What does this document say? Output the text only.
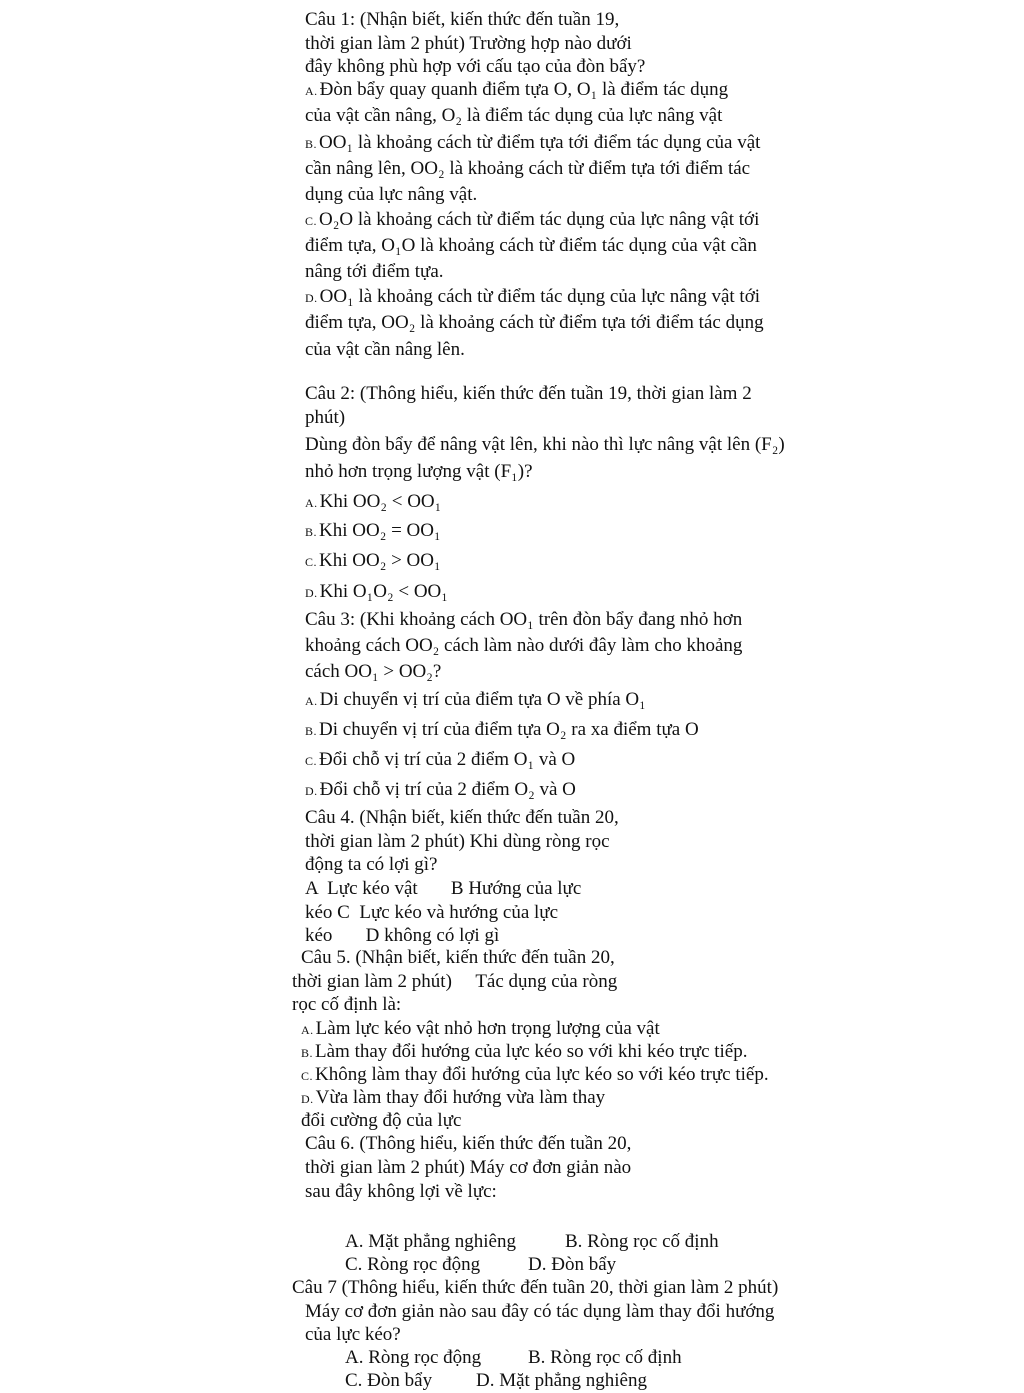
Câu 1: (Nhận biết, kiến thức đến tuần 19,
thời gian làm 2 phút) Trường hợp nào dưới
đây không phù hợp với cấu tạo của đòn bẩy?
A. Đòn bẩy quay quanh điểm tựa O, O₁ là điểm tác dụng
của vật cần nâng, O₂ là điểm tác dụng của lực nâng vật
B. OO₁ là khoảng cách từ điểm tựa tới điểm tác dụng của vật
cần nâng lên, OO₂ là khoảng cách từ điểm tựa tới điểm tác
dụng của lực nâng vật.
C. O₂O là khoảng cách từ điểm tác dụng của lực nâng vật tới
điểm tựa, O₁O là khoảng cách từ điểm tác dụng của vật cần
nâng tới điểm tựa.
D. OO₁ là khoảng cách từ điểm tác dụng của lực nâng vật tới
điểm tựa, OO₂ là khoảng cách từ điểm tựa tới điểm tác dụng
của vật cần nâng lên.
Câu 2: (Thông hiểu, kiến thức đến tuần 19, thời gian làm 2
phút)
Dùng đòn bẩy để nâng vật lên, khi nào thì lực nâng vật lên (F₂)
nhỏ hơn trọng lượng vật (F₁)?
A. Khi OO₂ < OO₁
B. Khi OO₂ = OO₁
C. Khi OO₂ > OO₁
D. Khi O₁O₂ < OO₁
Câu 3: (Khi khoảng cách OO₁ trên đòn bẩy đang nhỏ hơn
khoảng cách OO₂ cách làm nào dưới đây làm cho khoảng
cách OO₁ > OO₂?
A. Di chuyển vị trí của điểm tựa O về phía O₁
B. Di chuyển vị trí của điểm tựa O₂ ra xa điểm tựa O
C. Đổi chỗ vị trí của 2 điểm O₁ và O
D. Đổi chỗ vị trí của 2 điểm O₂ và O
Câu 4. (Nhận biết, kiến thức đến tuần 20,
thời gian làm 2 phút) Khi dùng ròng rọc
động ta có lợi gì?
A  Lực kéo vật       B Hướng của lực
kéo C  Lực kéo và hướng của lực
kéo       D không có lợi gì
Câu 5. (Nhận biết, kiến thức đến tuần 20,
thời gian làm 2 phút)     Tác dụng của ròng
rọc cố định là:
A. Làm lực kéo vật nhỏ hơn trọng lượng của vật
B. Làm thay đổi hướng của lực kéo so với khi kéo trực tiếp.
C. Không làm thay đổi hướng của lực kéo so với kéo trực tiếp.
D. Vừa làm thay đổi hướng vừa làm thay
đổi cường độ của lực
Câu 6. (Thông hiểu, kiến thức đến tuần 20,
thời gian làm 2 phút) Máy cơ đơn giản nào
sau đây không lợi về lực:
A. Mặt phẳng nghiêng	B. Ròng rọc cố định
C. Ròng rọc động	D. Đòn bẩy
Câu 7 (Thông hiểu, kiến thức đến tuần 20, thời gian làm 2 phút)
Máy cơ đơn giản nào sau đây có tác dụng làm thay đổi hướng
của lực kéo?
A. Ròng rọc động B. Ròng rọc cố định
C. Đòn bẩy D. Mặt phẳng nghiêng
